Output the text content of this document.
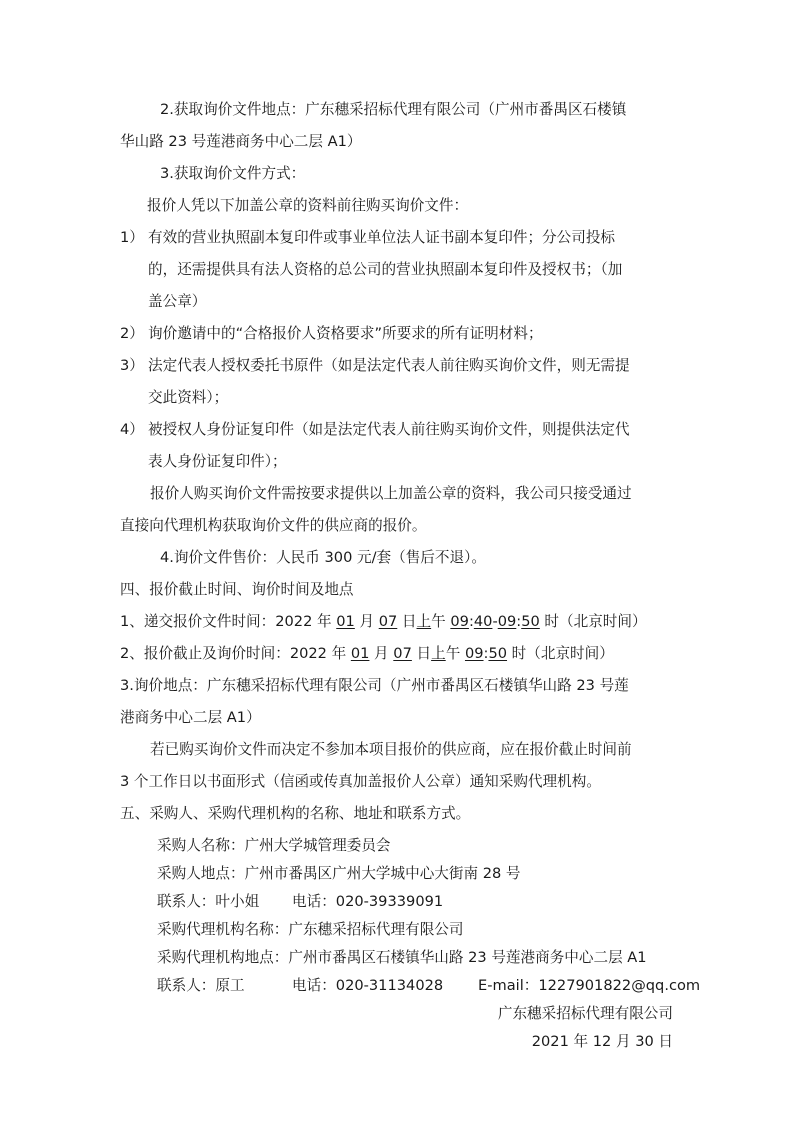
2.获取询价文件地点：广东穗采招标代理有限公司（广州市番禺区石楼镇
华山路 23 号莲港商务中心二层 A1）
3.获取询价文件方式：
报价人凭以下加盖公章的资料前往购买询价文件：
1） 有效的营业执照副本复印件或事业单位法人证书副本复印件；分公司投标
的，还需提供具有法人资格的总公司的营业执照副本复印件及授权书；（加
盖公章）
2） 询价邀请中的“合格报价人资格要求”所要求的所有证明材料；
3） 法定代表人授权委托书原件（如是法定代表人前往购买询价文件，则无需提
交此资料）；
4） 被授权人身份证复印件（如是法定代表人前往购买询价文件，则提供法定代
表人身份证复印件）；
报价人购买询价文件需按要求提供以上加盖公章的资料，我公司只接受通过
直接向代理机构获取询价文件的供应商的报价。
4.询价文件售价：人民币 300 元/套（售后不退）。
四、报价截止时间、询价时间及地点
1、递交报价文件时间：2022 年 01 月 07 日上午 09:40-09:50 时（北京时间）
2、报价截止及询价时间：2022 年 01 月 07 日上午 09:50 时（北京时间）
3.询价地点：广东穗采招标代理有限公司（广州市番禺区石楼镇华山路 23 号莲
港商务中心二层 A1）
若已购买询价文件而决定不参加本项目报价的供应商，应在报价截止时间前
3 个工作日以书面形式（信函或传真加盖报价人公章）通知采购代理机构。
五、采购人、采购代理机构的名称、地址和联系方式。
采购人名称：广州大学城管理委员会
采购人地点：广州市番禺区广州大学城中心大街南 28 号
联系人：叶小姐 电话：020-39339091
采购代理机构名称：广东穗采招标代理有限公司
采购代理机构地点：广州市番禺区石楼镇华山路 23 号莲港商务中心二层 A1
联系人：原工	电话：020-31134028 E-mail：1227901822@qq.com
广东穗采招标代理有限公司
2021 年 12 月 30 日
